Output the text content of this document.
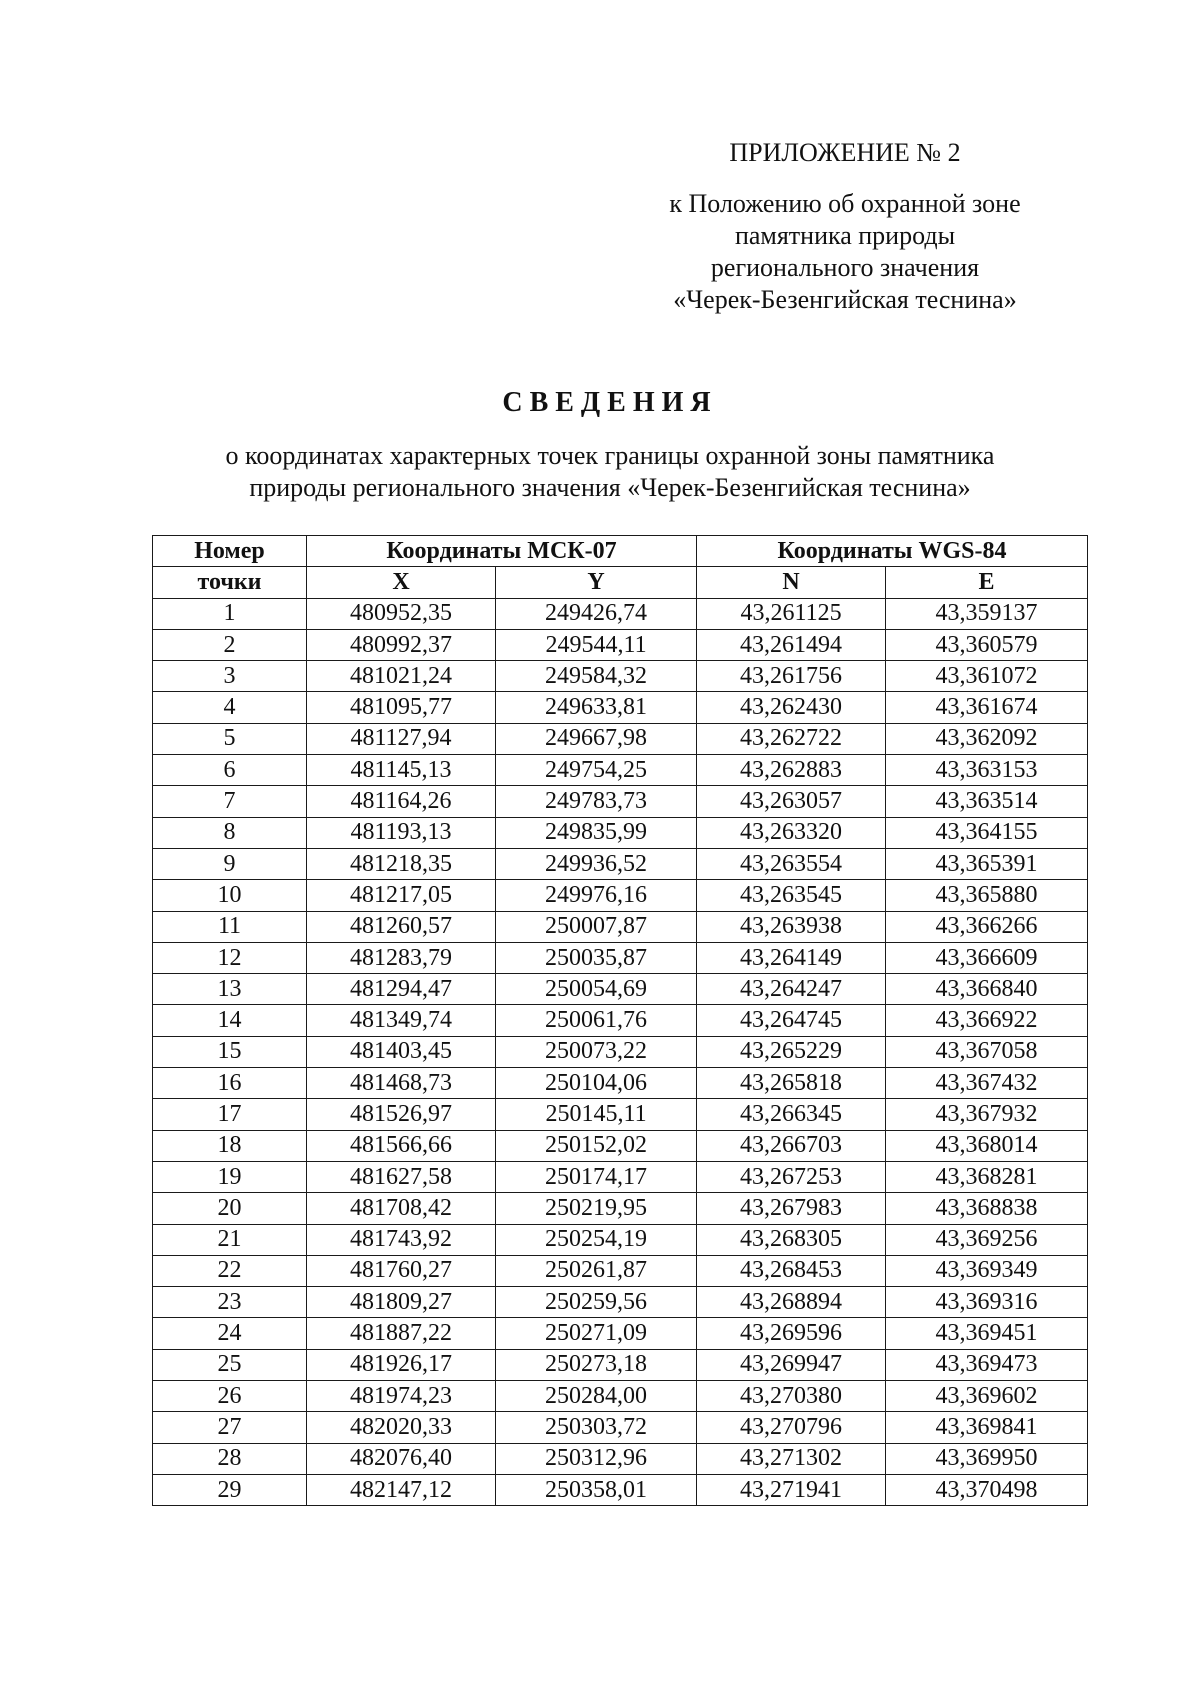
ПРИЛОЖЕНИЕ № 2
к Положению об охранной зоне
памятника природы
регионального значения
«Черек-Безенгийская теснина»
СВЕДЕНИЯ
о координатах характерных точек границы охранной зоны памятника
природы регионального значения «Черек-Безенгийская теснина»
Номер	Координаты МСК-07		Координаты WGS-84	
точки	X	Y	N	E
1	480952,35	249426,74	43,261125	43,359137
2	480992,37	249544,11	43,261494	43,360579
3	481021,24	249584,32	43,261756	43,361072
4	481095,77	249633,81	43,262430	43,361674
5	481127,94	249667,98	43,262722	43,362092
6	481145,13	249754,25	43,262883	43,363153
7	481164,26	249783,73	43,263057	43,363514
8	481193,13	249835,99	43,263320	43,364155
9	481218,35	249936,52	43,263554	43,365391
10	481217,05	249976,16	43,263545	43,365880
11	481260,57	250007,87	43,263938	43,366266
12	481283,79	250035,87	43,264149	43,366609
13	481294,47	250054,69	43,264247	43,366840
14	481349,74	250061,76	43,264745	43,366922
15	481403,45	250073,22	43,265229	43,367058
16	481468,73	250104,06	43,265818	43,367432
17	481526,97	250145,11	43,266345	43,367932
18	481566,66	250152,02	43,266703	43,368014
19	481627,58	250174,17	43,267253	43,368281
20	481708,42	250219,95	43,267983	43,368838
21	481743,92	250254,19	43,268305	43,369256
22	481760,27	250261,87	43,268453	43,369349
23	481809,27	250259,56	43,268894	43,369316
24	481887,22	250271,09	43,269596	43,369451
25	481926,17	250273,18	43,269947	43,369473
26	481974,23	250284,00	43,270380	43,369602
27	482020,33	250303,72	43,270796	43,369841
28	482076,40	250312,96	43,271302	43,369950
29	482147,12	250358,01	43,271941	43,370498
